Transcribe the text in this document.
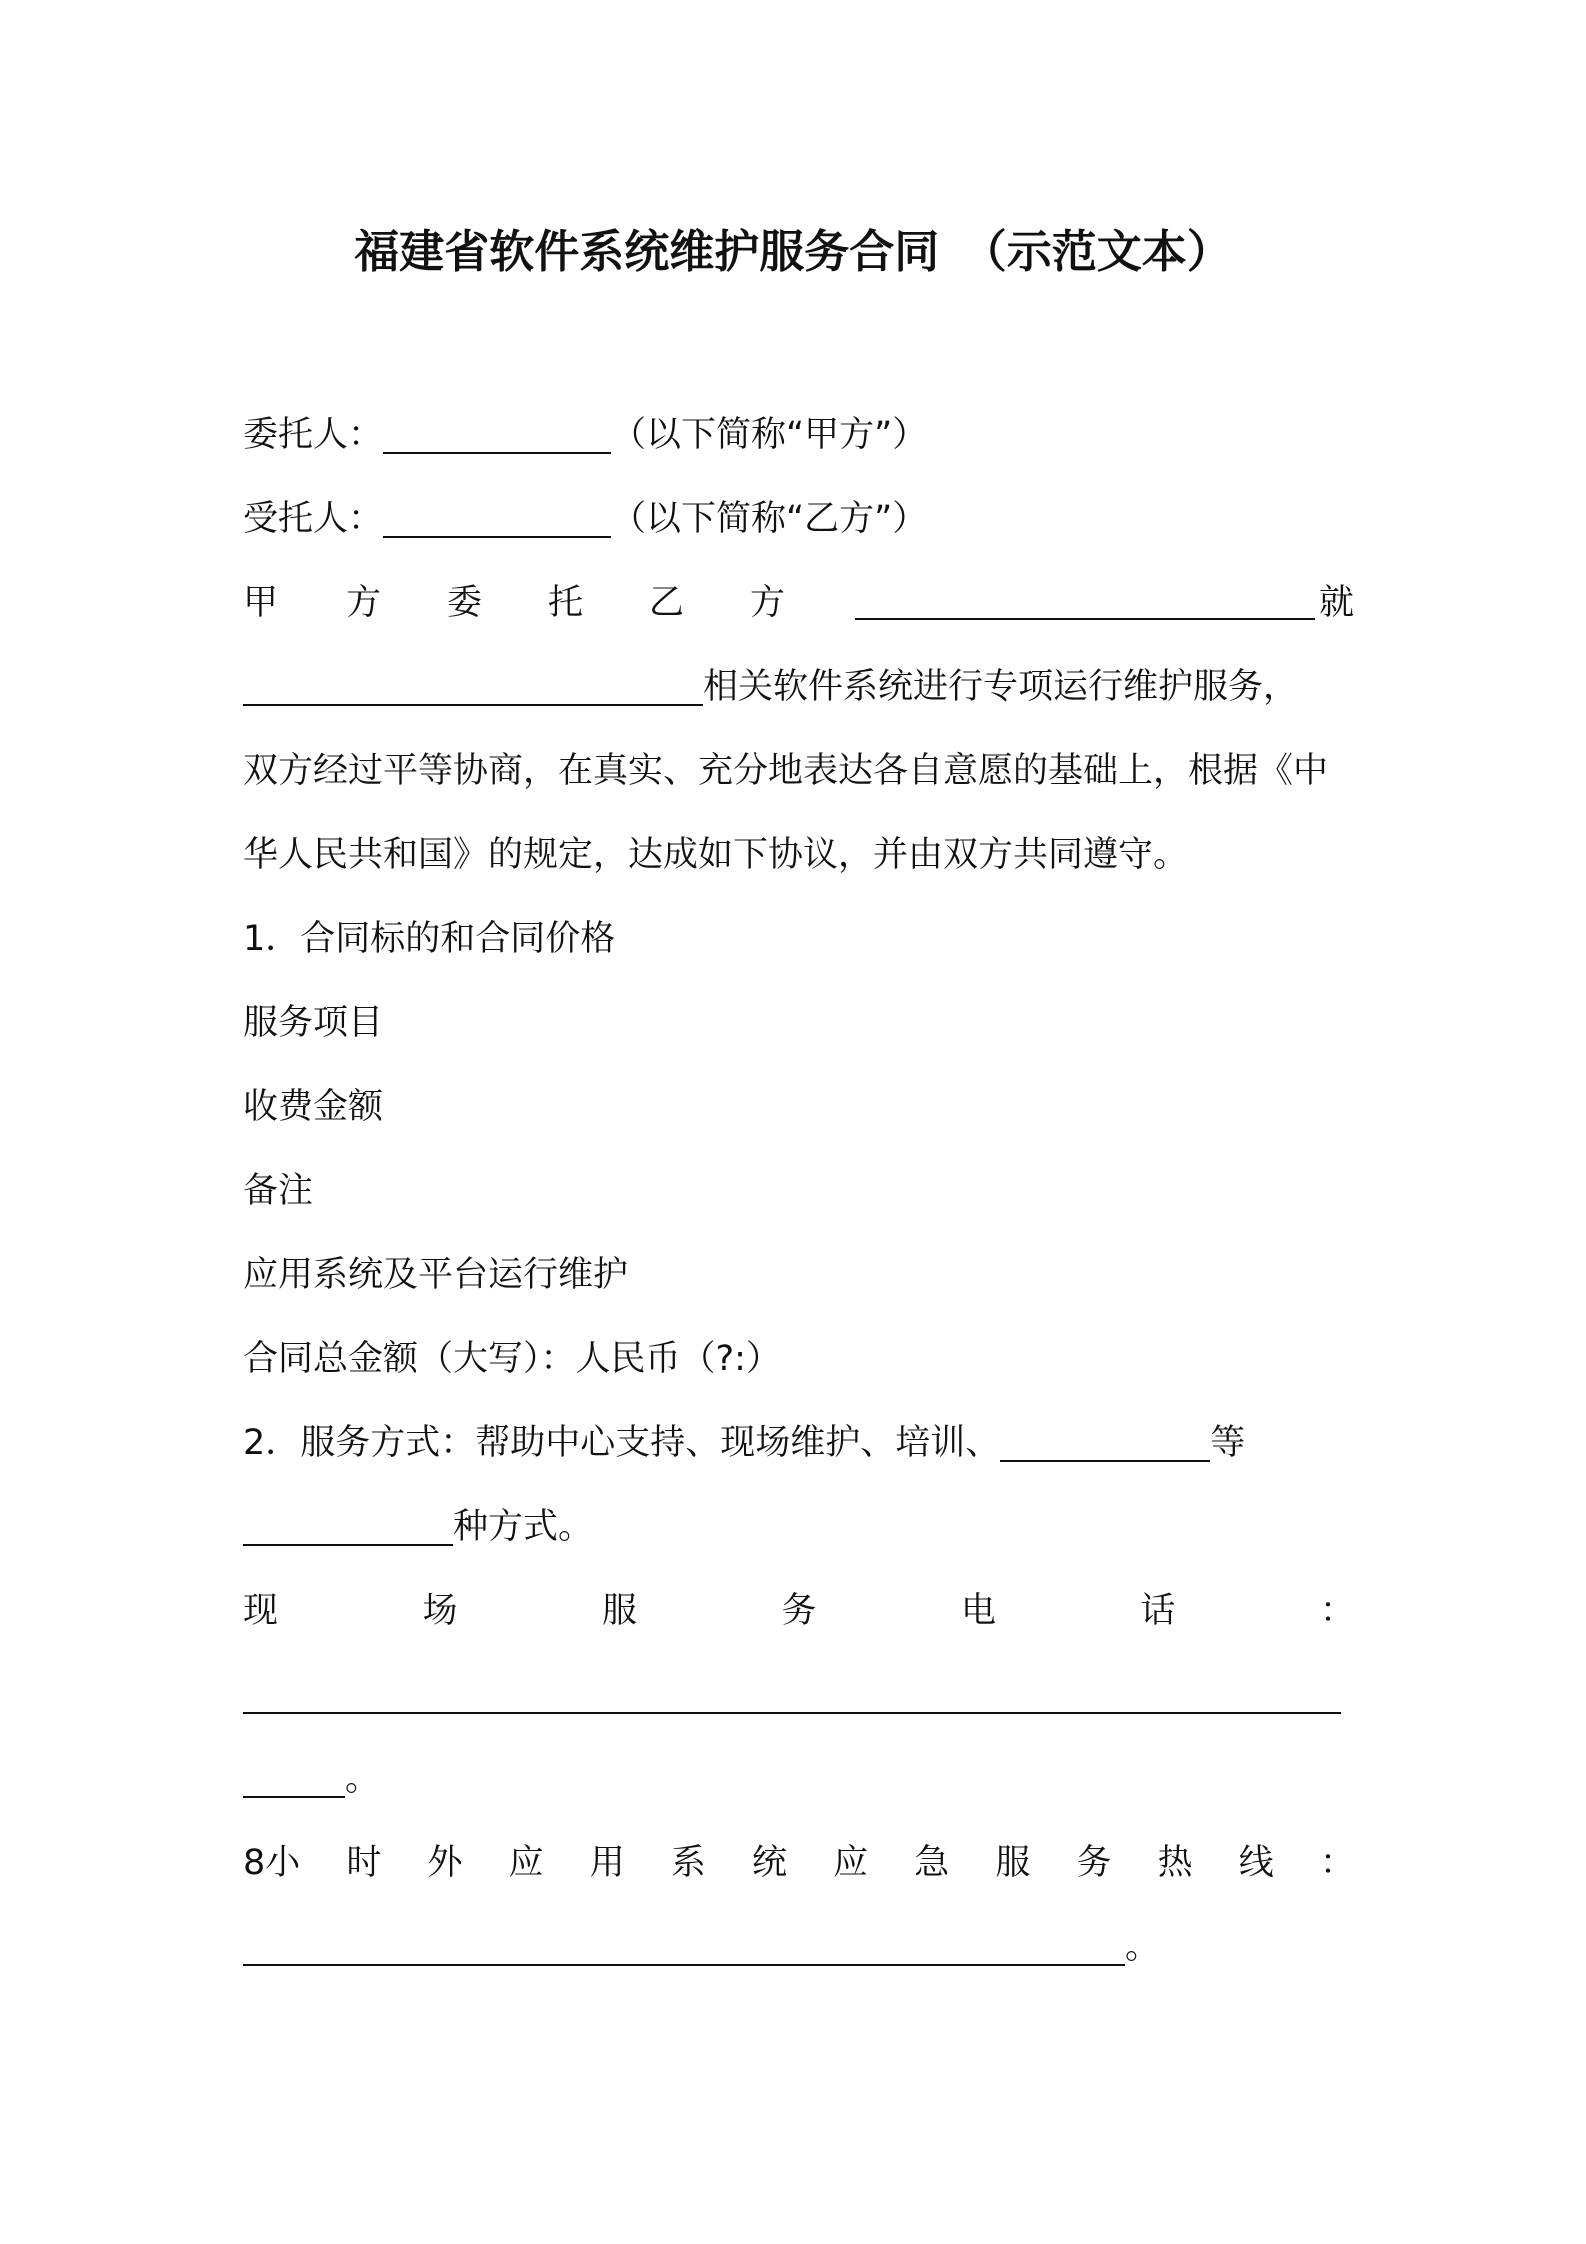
福建省软件系统维护服务合同　（示范文本）
委托人：	（以下简称“甲方”）
受托人：	（以下简称“乙方”）
甲 方 委 托 乙 方	就
相关软件系统进行专项运行维护服务，
双方经过平等协商，在真实、充分地表达各自意愿的基础上，根据《中
华人民共和国》的规定，达成如下协议，并由双方共同遵守。
1．合同标的和合同价格
服务项目
收费金额
备注
应用系统及平台运行维护
合同总金额（大写）：人民币（?:）
2．服务方式：帮助中心支持、现场维护、培训、	等
种方式。
现	场	服	务	电	话	：
。
8小 时 外 应 用 系 统 应 急 服 务 热 线 ：
。
